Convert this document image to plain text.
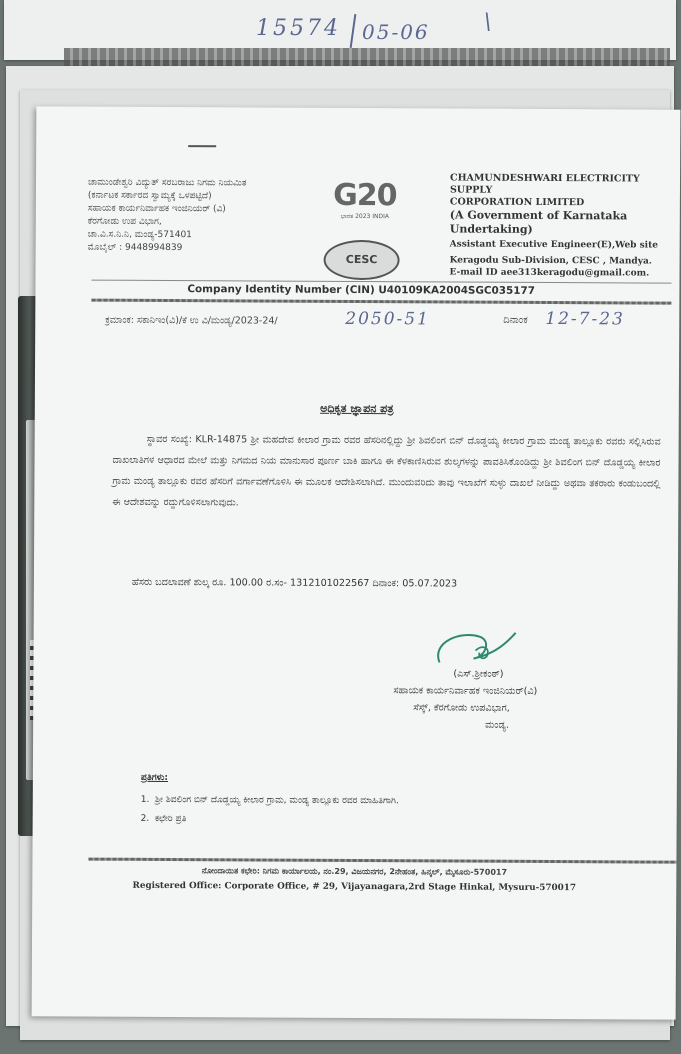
15574 05-06 \
ಚಾಮುಂಡೇಶ್ವರಿ ವಿದ್ಯುತ್ ಸರಬರಾಜು ನಿಗಮ ನಿಯಮಿತ
(ಕರ್ನಾಟಕ ಸರ್ಕಾರದ ಸ್ವಾಮ್ಯಕ್ಕೆ ಒಳಪಟ್ಟಿದೆ)
ಸಹಾಯಕ ಕಾರ್ಯನಿರ್ವಾಹಕ ಇಂಜಿನಿಯರ್ (ವಿ)
ಕೆರಗೋಡು ಉಪ ವಿಭಾಗ,
ಚಾ.ವಿ.ಸ.ನಿ.ನಿ, ಮಂಡ್ಯ-571401
ಮೊಬೈಲ್ : 9448994839
G20
ಭಾರತ 2023 INDIA
CESC
CHAMUNDESHWARI ELECTRICITY SUPPLY
CORPORATION LIMITED
(A Government of Karnataka
Undertaking)
Assistant Executive Engineer(E),Web site
Keragodu Sub-Division, CESC , Mandya.
E-mail ID aee313keragodu@gmail.com.
Company Identity Number (CIN) U40109KA2004SGC035177
ಕ್ರಮಾಂಕ: ಸಕಾನಿಇಂ(ವಿ)/ಕೆ ಉ ವಿ/ಮಂಡ್ಯ/2023-24/	2050-51	ದಿನಾಂಕ 12-7-23
ಅಧಿಕೃತ ಜ್ಞಾಪನ ಪತ್ರ
ಸ್ಥಾವರ ಸಂಖ್ಯೆ: KLR-14875 ಶ್ರೀ ಮಹದೇವ ಕೀಲಾರ ಗ್ರಾಮ ರವರ ಹೆಸರಿನಲ್ಲಿದ್ದು ಶ್ರೀ ಶಿವಲಿಂಗ ಬಿನ್ ದೊಡ್ಡಯ್ಯ ಕೀಲಾರ ಗ್ರಾಮ ಮಂಡ್ಯ ತಾಲ್ಲೂಕು ರವರು ಸಲ್ಲಿಸಿರುವ ದಾಖಲಾತಿಗಳ ಆಧಾರದ ಮೇಲೆ ಮತ್ತು ನಿಗಮದ ನಿಯ ಮಾನುಸಾರ ಪೂರ್ಣ ಬಾಕಿ ಹಾಗೂ ಈ ಕೆಳಕಾಣಿಸಿರುವ ಶುಲ್ಕಗಳನ್ನು ಪಾವತಿಸಿಕೊಂಡಿದ್ದು ಶ್ರೀ ಶಿವಲಿಂಗ ಬಿನ್ ದೊಡ್ಡಯ್ಯ ಕೀಲಾರ ಗ್ರಾಮ ಮಂಡ್ಯ ತಾಲ್ಲೂಕು ರವರ ಹೆಸರಿಗೆ ವರ್ಗಾವಣೆಗೊಳಿಸಿ ಈ ಮೂಲಕ ಆದೇಶಿಸಲಾಗಿದೆ. ಮುಂದುವರಿದು ತಾವು ಇಲಾಖೆಗೆ ಸುಳ್ಳು ದಾಖಲೆ ನೀಡಿದ್ದು ಅಥವಾ ತಕರಾರು ಕಂಡುಬಂದಲ್ಲಿ ಈ ಆದೇಶವನ್ನು ರದ್ದುಗೊಳಿಸಲಾಗುವುದು.
ಹೆಸರು ಬದಲಾವಣೆ ಶುಲ್ಕ ರೂ. 100.00 ರ.ಸಂ- 1312101022567 ದಿನಾಂಕ: 05.07.2023
(ಎಸ್.ಶ್ರೀಕಂಠ್)
ಸಹಾಯಕ ಕಾರ್ಯನಿರ್ವಾಹಕ ಇಂಜಿನಿಯರ್(ವಿ)
ಸೆಸ್ಕ್, ಕೆರಗೋಡು ಉಪವಿಭಾಗ,
ಮಂಡ್ಯ.
ಪ್ರತಿಗಳು:
1.  ಶ್ರೀ ಶಿವಲಿಂಗ ಬಿನ್ ದೊಡ್ಡಯ್ಯ ಕೀಲಾರ ಗ್ರಾಮ, ಮಂಡ್ಯ ತಾಲ್ಲೂಕು ರವರ ಮಾಹಿತಿಗಾಗಿ.
2.  ಕಛೇರಿ ಪ್ರತಿ
ನೋಂದಾಯಿತ ಕಛೇರಿ: ನಿಗಮ ಕಾರ್ಯಾಲಯ, ನಂ.29, ವಿಜಯನಗರ, 2ನೇಹಂತ, ಹಿನ್ಕಲ್, ಮೈಸೂರು-570017
Registered Office: Corporate Office, # 29, Vijayanagara,2rd Stage Hinkal, Mysuru-570017
